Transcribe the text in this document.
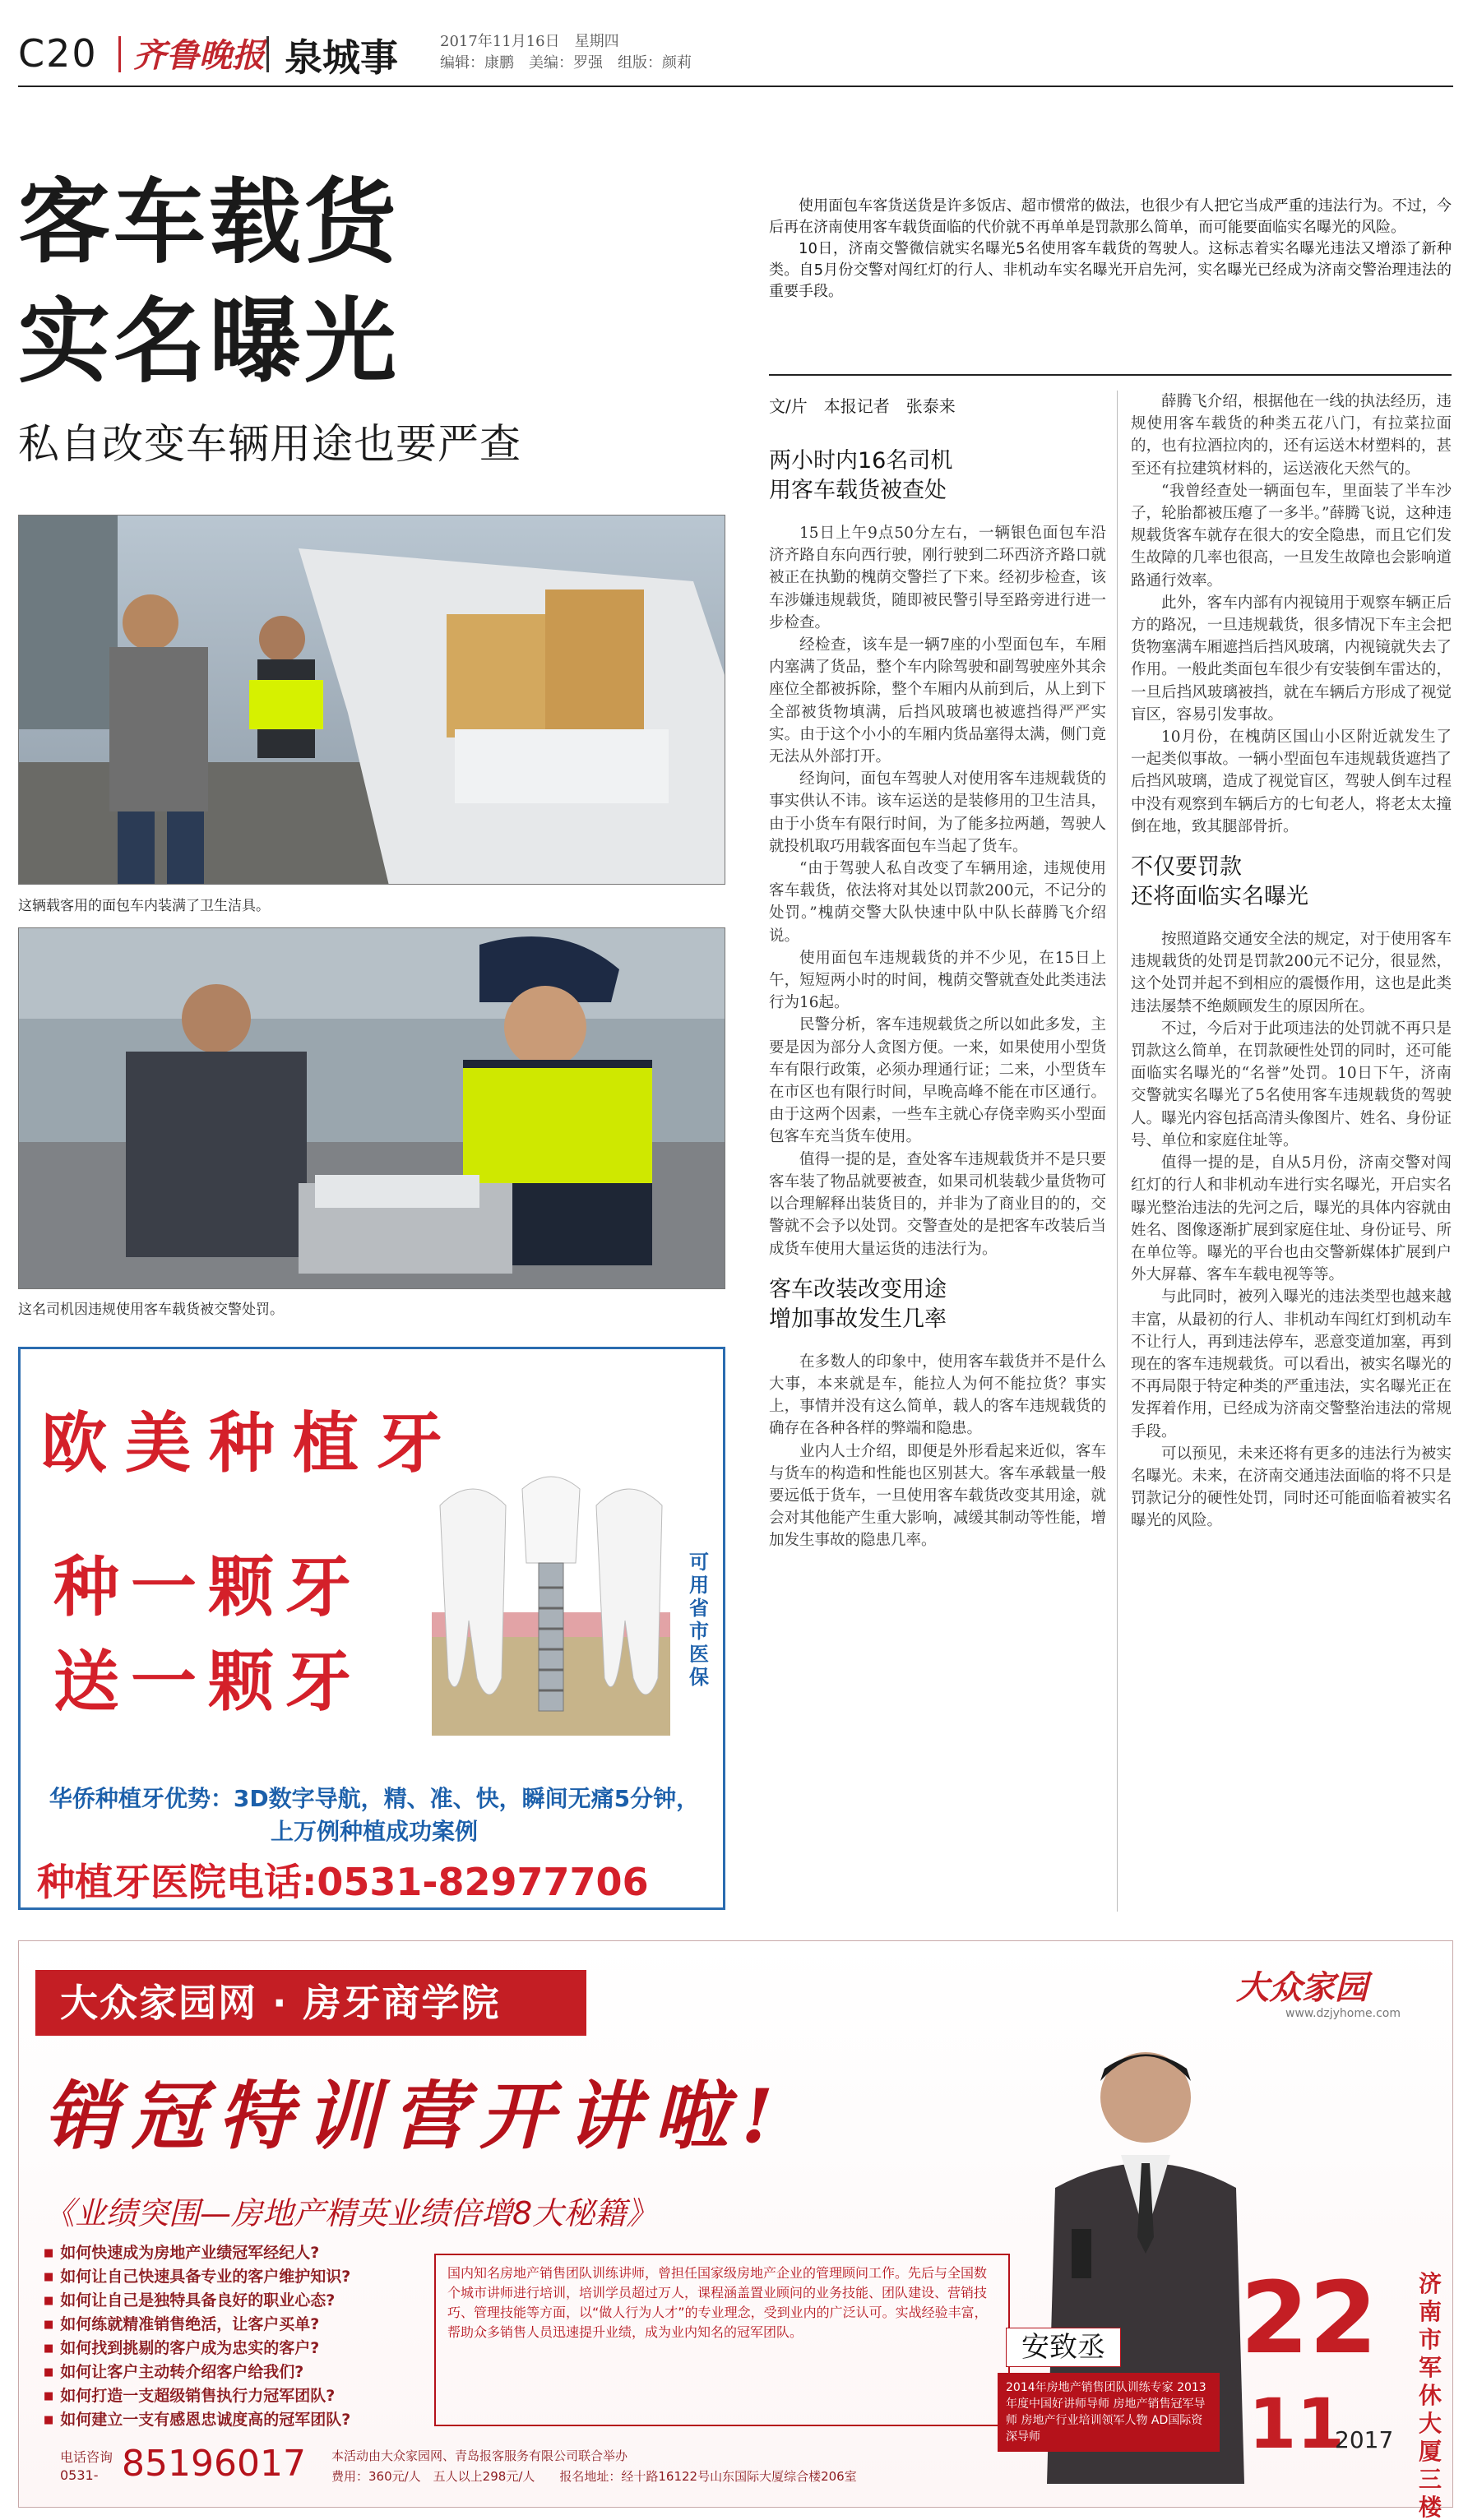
C20 齐鲁晚报 泉城事	2017年11月16日　星期四
编辑：康鹏　美编：罗强　组版：颜莉
客车载货
实名曝光
私自改变车辆用途也要严查

使用面包车客货送货是许多饭店、超市惯常的做法，也很少有人把它当成严重的违法行为。不过，今后再在济南使用客车载货面临的代价就不再单单是罚款那么简单，而可能要面临实名曝光的风险。

10日，济南交警微信就实名曝光5名使用客车载货的驾驶人。这标志着实名曝光违法又增添了新种类。自5月份交警对闯红灯的行人、非机动车实名曝光开启先河，实名曝光已经成为济南交警治理违法的重要手段。

文/片　本报记者　张泰来
两小时内16名司机
用客车载货被查处

15日上午9点50分左右，一辆银色面包车沿济齐路自东向西行驶，刚行驶到二环西济齐路口就被正在执勤的槐荫交警拦了下来。经初步检查，该车涉嫌违规载货，随即被民警引导至路旁进行进一步检查。

经检查，该车是一辆7座的小型面包车，车厢内塞满了货品，整个车内除驾驶和副驾驶座外其余座位全都被拆除，整个车厢内从前到后，从上到下全部被货物填满，后挡风玻璃也被遮挡得严严实实。由于这个小小的车厢内货品塞得太满，侧门竟无法从外部打开。

经询问，面包车驾驶人对使用客车违规载货的事实供认不讳。该车运送的是装修用的卫生洁具，由于小货车有限行时间，为了能多拉两趟，驾驶人就投机取巧用载客面包车当起了货车。

“由于驾驶人私自改变了车辆用途，违规使用客车载货，依法将对其处以罚款200元，不记分的处罚。”槐荫交警大队快速中队中队长薛腾飞介绍说。

使用面包车违规载货的并不少见，在15日上午，短短两小时的时间，槐荫交警就查处此类违法行为16起。

民警分析，客车违规载货之所以如此多发，主要是因为部分人贪图方便。一来，如果使用小型货车有限行政策，必须办理通行证；二来，小型货车在市区也有限行时间，早晚高峰不能在市区通行。由于这两个因素，一些车主就心存侥幸购买小型面包客车充当货车使用。

值得一提的是，查处客车违规载货并不是只要客车装了物品就要被查，如果司机装载少量货物可以合理解释出装货目的，并非为了商业目的的，交警就不会予以处罚。交警查处的是把客车改装后当成货车使用大量运货的违法行为。

客车改装改变用途
增加事故发生几率

在多数人的印象中，使用客车载货并不是什么大事，本来就是车，能拉人为何不能拉货？事实上，事情并没有这么简单，载人的客车违规载货的确存在各种各样的弊端和隐患。

业内人士介绍，即便是外形看起来近似，客车与货车的构造和性能也区别甚大。客车承载量一般要远低于货车，一旦使用客车载货改变其用途，就会对其他能产生重大影响，减缓其制动等性能，增加发生事故的隐患几率。

薛腾飞介绍，根据他在一线的执法经历，违规使用客车载货的种类五花八门，有拉菜拉面的，也有拉酒拉肉的，还有运送木材塑料的，甚至还有拉建筑材料的，运送液化天然气的。

“我曾经查处一辆面包车，里面装了半车沙子，轮胎都被压瘪了一多半。”薛腾飞说，这种违规载货客车就存在很大的安全隐患，而且它们发生故障的几率也很高，一旦发生故障也会影响道路通行效率。

此外，客车内部有内视镜用于观察车辆正后方的路况，一旦违规载货，很多情况下车主会把货物塞满车厢遮挡后挡风玻璃，内视镜就失去了作用。一般此类面包车很少有安装倒车雷达的，一旦后挡风玻璃被挡，就在车辆后方形成了视觉盲区，容易引发事故。

10月份，在槐荫区国山小区附近就发生了一起类似事故。一辆小型面包车违规载货遮挡了后挡风玻璃，造成了视觉盲区，驾驶人倒车过程中没有观察到车辆后方的七旬老人，将老太太撞倒在地，致其腿部骨折。

不仅要罚款
还将面临实名曝光

按照道路交通安全法的规定，对于使用客车违规载货的处罚是罚款200元不记分，很显然，这个处罚并起不到相应的震慑作用，这也是此类违法屡禁不绝颇顾发生的原因所在。

不过，今后对于此项违法的处罚就不再只是罚款这么简单，在罚款硬性处罚的同时，还可能面临实名曝光的“名誉”处罚。10日下午，济南交警就实名曝光了5名使用客车违规载货的驾驶人。曝光内容包括高清头像图片、姓名、身份证号、单位和家庭住址等。

值得一提的是，自从5月份，济南交警对闯红灯的行人和非机动车进行实名曝光，开启实名曝光整治违法的先河之后，曝光的具体内容就由姓名、图像逐渐扩展到家庭住址、身份证号、所在单位等。曝光的平台也由交警新媒体扩展到户外大屏幕、客车车载电视等等。

与此同时，被列入曝光的违法类型也越来越丰富，从最初的行人、非机动车闯红灯到机动车不让行人，再到违法停车，恶意变道加塞，再到现在的客车违规载货。可以看出，被实名曝光的不再局限于特定种类的严重违法，实名曝光正在发挥着作用，已经成为济南交警整治违法的常规手段。

可以预见，未来还将有更多的违法行为被实名曝光。未来，在济南交通违法面临的将不只是罚款记分的硬性处罚，同时还可能面临着被实名曝光的风险。

这辆载客用的面包车内装满了卫生洁具。
这名司机因违规使用客车载货被交警处罚。
欧美种植牙
种一颗牙
送一颗牙
可用省市医保
华侨种植牙优势：3D数字导航，精、准、快，瞬间无痛5分钟，
上万例种植成功案例
种植牙医院电话:0531-82977706
大众家园网 · 房牙商学院
销冠特训营开讲啦!
《业绩突围—房地产精英业绩倍增8大秘籍》
■ 如何快速成为房地产业绩冠军经纪人?
■ 如何让自己快速具备专业的客户维护知识?
■ 如何让自己是独特具备良好的职业心态?
■ 如何练就精准销售绝活，让客户买单?
■ 如何找到挑剔的客户成为忠实的客户?
■ 如何让客户主动转介绍客户给我们?
■ 如何打造一支超级销售执行力冠军团队?
■ 如何建立一支有感恩忠诚度高的冠军团队?
国内知名房地产销售团队训练讲师，曾担任国家级房地产企业的管理顾问工作。先后与全国数个城市讲师进行培训，培训学员超过万人，课程涵盖置业顾问的业务技能、团队建设、营销技巧、管理技能等方面，以“做人行为人才”的专业理念，受到业内的广泛认可。实战经验丰富，帮助众多销售人员迅速提升业绩，成为业内知名的冠军团队。
电话咨询
0531- 85196017 本活动由大众家园网、青岛报客服务有限公司联合举办
费用：360元/人　五人以上298元/人　　报名地址：经十路16122号山东国际大厦综合楼206室
大众家园
www.dzjyhome.com
安致丞
2014年房地产销售团队训练专家 2013年度中国好讲师导师 房地产销售冠军导师 房地产行业培训领军人物 AD国际资深导师
22
11
2017
济南市军休大厦三楼
